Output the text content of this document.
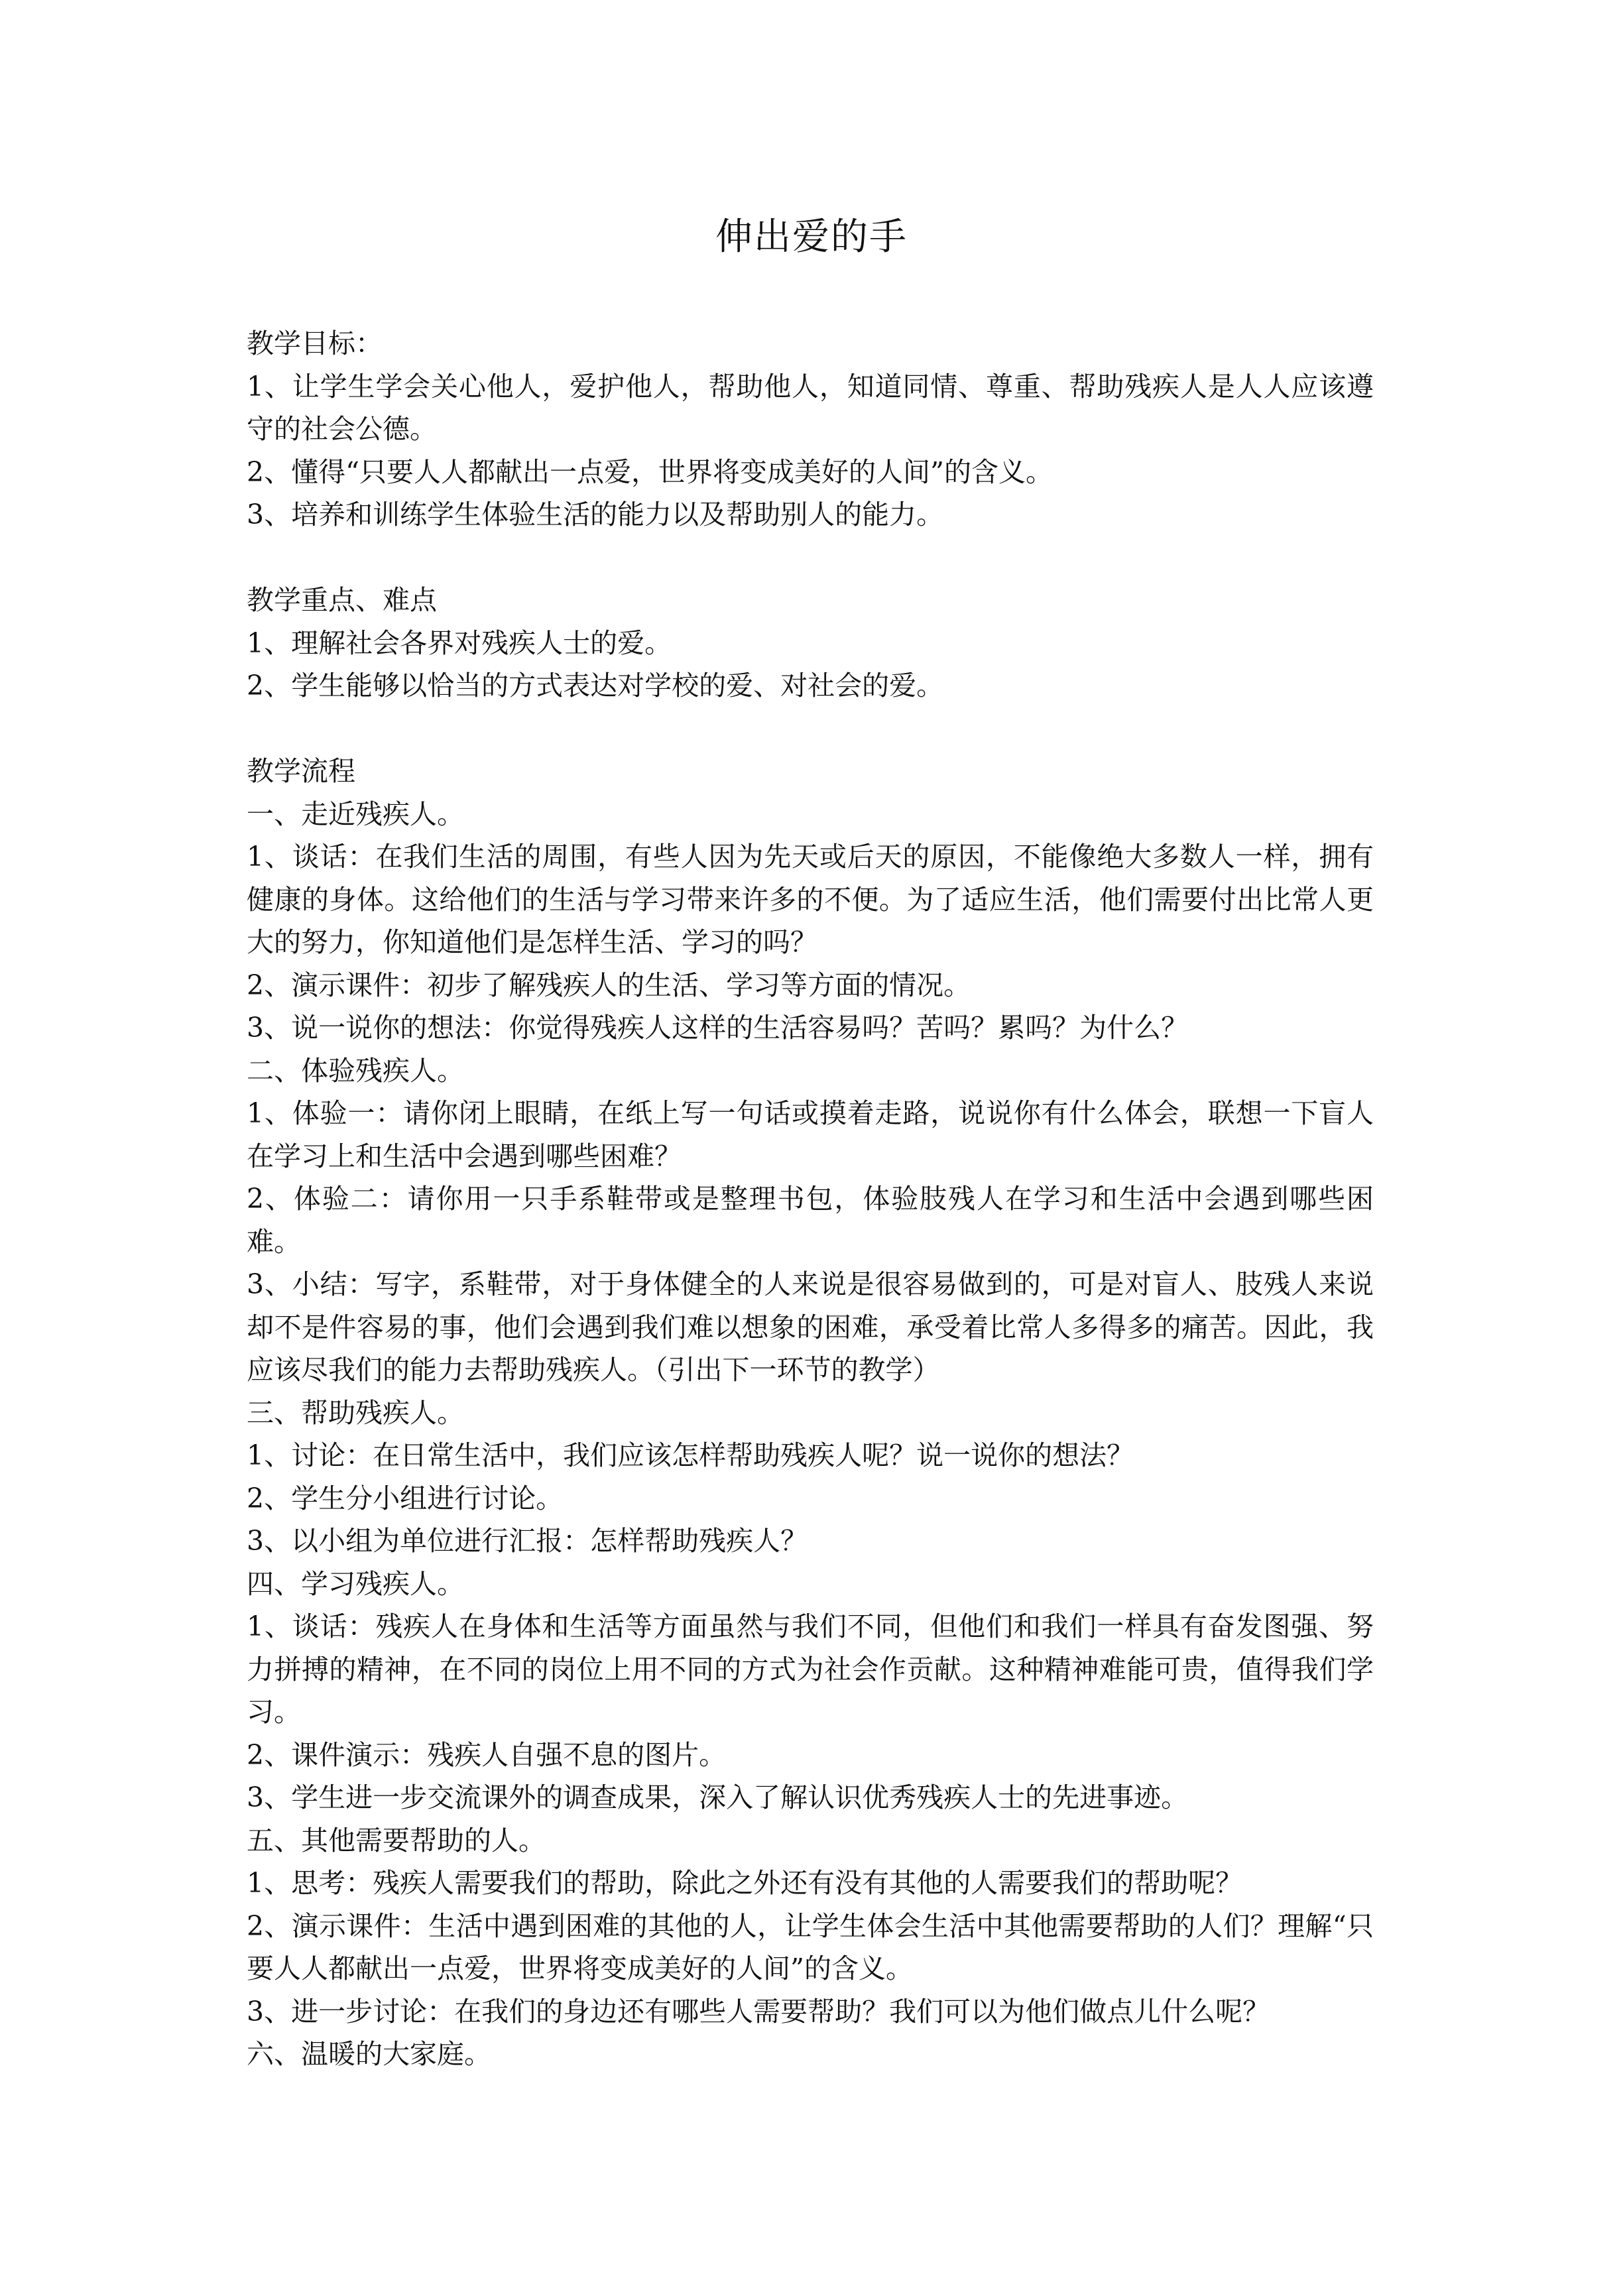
伸出爱的手

教学目标：

1、让学生学会关心他人，爱护他人，帮助他人，知道同情、尊重、帮助残疾人是人人应该遵守的社会公德。

2、懂得“只要人人都献出一点爱，世界将变成美好的人间”的含义。

3、培养和训练学生体验生活的能力以及帮助别人的能力。

教学重点、难点

1、理解社会各界对残疾人士的爱。

2、学生能够以恰当的方式表达对学校的爱、对社会的爱。

教学流程

一、走近残疾人。

1、谈话：在我们生活的周围，有些人因为先天或后天的原因，不能像绝大多数人一样，拥有健康的身体。这给他们的生活与学习带来许多的不便。为了适应生活，他们需要付出比常人更大的努力，你知道他们是怎样生活、学习的吗？

2、演示课件：初步了解残疾人的生活、学习等方面的情况。

3、说一说你的想法：你觉得残疾人这样的生活容易吗？苦吗？累吗？为什么？

二、体验残疾人。

1、体验一：请你闭上眼睛，在纸上写一句话或摸着走路，说说你有什么体会，联想一下盲人在学习上和生活中会遇到哪些困难？

2、体验二：请你用一只手系鞋带或是整理书包，体验肢残人在学习和生活中会遇到哪些困难。

3、小结：写字，系鞋带，对于身体健全的人来说是很容易做到的，可是对盲人、肢残人来说却不是件容易的事，他们会遇到我们难以想象的困难，承受着比常人多得多的痛苦。因此，我应该尽我们的能力去帮助残疾人。（引出下一环节的教学）

三、帮助残疾人。

1、讨论：在日常生活中，我们应该怎样帮助残疾人呢？说一说你的想法？

2、学生分小组进行讨论。

3、以小组为单位进行汇报：怎样帮助残疾人？

四、学习残疾人。

1、谈话：残疾人在身体和生活等方面虽然与我们不同，但他们和我们一样具有奋发图强、努力拼搏的精神，在不同的岗位上用不同的方式为社会作贡献。这种精神难能可贵，值得我们学习。

2、课件演示：残疾人自强不息的图片。

3、学生进一步交流课外的调查成果，深入了解认识优秀残疾人士的先进事迹。

五、其他需要帮助的人。

1、思考：残疾人需要我们的帮助，除此之外还有没有其他的人需要我们的帮助呢？

2、演示课件：生活中遇到困难的其他的人，让学生体会生活中其他需要帮助的人们？理解“只要人人都献出一点爱，世界将变成美好的人间”的含义。

3、进一步讨论：在我们的身边还有哪些人需要帮助？我们可以为他们做点儿什么呢？

六、温暖的大家庭。
